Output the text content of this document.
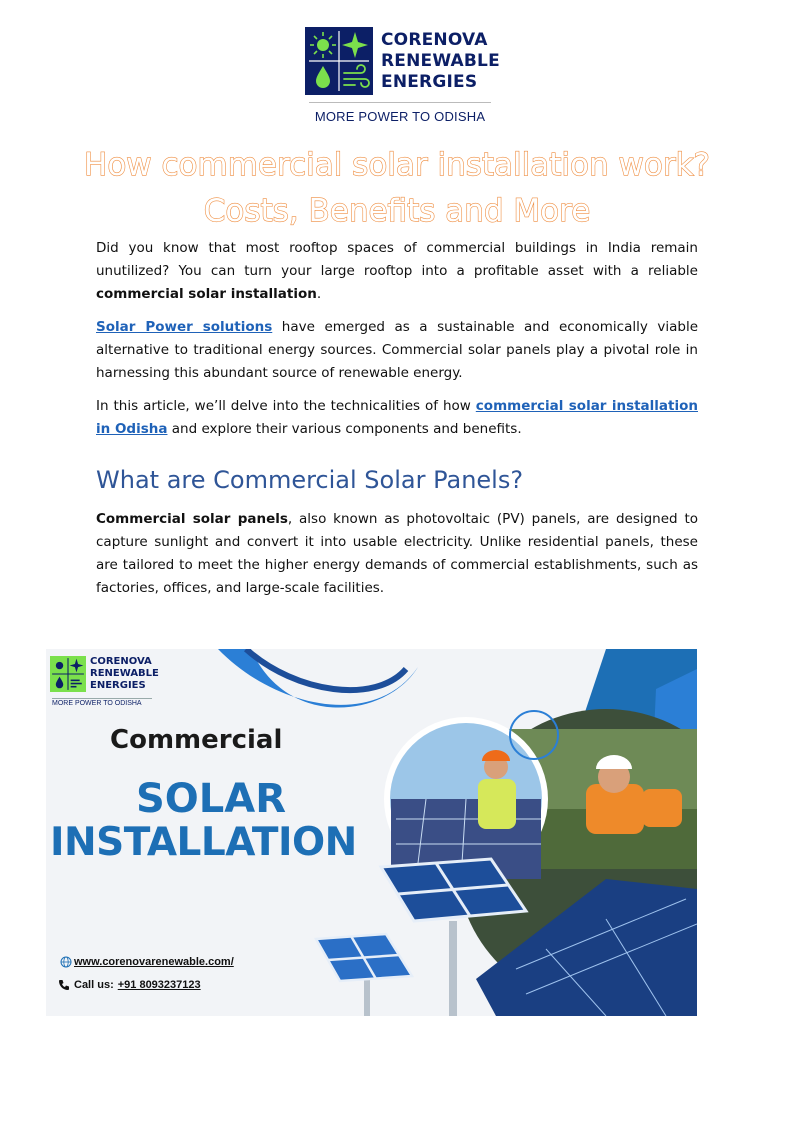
CORENOVA
RENEWABLE
ENERGIES
MORE POWER TO ODISHA
How commercial solar installation work?
Costs, Benefits and More

Did you know that most rooftop spaces of commercial buildings in India remain unutilized? You can turn your large rooftop into a profitable asset with a reliable commercial solar installation.

Solar Power solutions have emerged as a sustainable and economically viable alternative to traditional energy sources. Commercial solar panels play a pivotal role in harnessing this abundant source of renewable energy.

In this article, we’ll delve into the technicalities of how commercial solar installation in Odisha and explore their various components and benefits.

What are Commercial Solar Panels?

Commercial solar panels, also known as photovoltaic (PV) panels, are designed to capture sunlight and convert it into usable electricity. Unlike residential panels, these are tailored to meet the higher energy demands of commercial establishments, such as factories, offices, and large-scale facilities.

CORENOVA
RENEWABLE
ENERGIES
MORE POWER TO ODISHA
Commercial
SOLAR
INSTALLATION
www.corenovarenewable.com/
Call us: +91 8093237123
